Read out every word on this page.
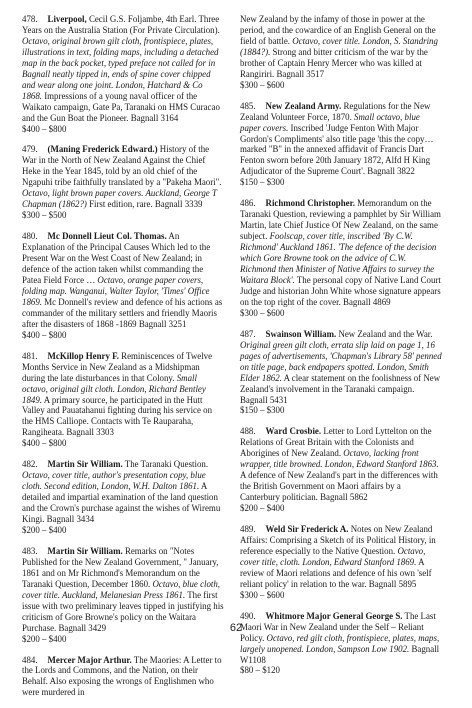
478. Liverpool, Cecil G.S. Foljambe, 4th Earl. Three Years on the Australia Station (For Private Circulation). Octavo, original brown gilt cloth, frontispiece, plates, illustrations in text, folding maps, including a detached map in the back pocket, typed preface not called for in Bagnall neatly tipped in, ends of spine cover chipped and wear along one joint. London, Hatchard & Co 1868. Impressions of a young naval officer of the Waikato campaign, Gate Pa, Taranaki on HMS Curacao and the Gun Boat the Pioneer. Bagnall 3164

$400 – $800

479. (Maning Frederick Edward.) History of the War in the North of New Zealand Against the Chief Heke in the Year 1845, told by an old chief of the Ngapuhi tribe faithfully translated by a "Pakeha Maori". Octavo, light brown paper covers. Auckland, George T Chapman (1862?) First edition, rare. Bagnall 3339

$300 – $500

480. Mc Donnell Lieut Col. Thomas. An Explanation of the Principal Causes Which led to the Present War on the West Coast of New Zealand; in defence of the action taken whilst commanding the Patea Field Force … Octavo, orange paper covers, folding map. Wanganui, Walter Taylor, 'Times' Office 1869. Mc Donnell's review and defence of his actions as commander of the military settlers and friendly Maoris after the disasters of 1868 -1869 Bagnall 3251

$400 – $800

481. McKillop Henry F. Reminiscences of Twelve Months Service in New Zealand as a Midshipman during the late disturbances in that Colony. Small octavo, original gilt cloth. London, Richard Bentley 1849. A primary source, he participated in the Hutt Valley and Pauatahanui fighting during his service on the HMS Calliope. Contacts with Te Rauparaha, Rangiheata. Bagnall 3303

$400 – $800

482. Martin Sir William. The Taranaki Question. Octavo, cover title, author's presentation copy, blue cloth. Second edition, London, W.H. Dalton 1861. A detailed and impartial examination of the land question and the Crown's purchase against the wishes of Wiremu Kingi. Bagnall 3434

$200 – $400

483. Martin Sir William. Remarks on "Notes Published for the New Zealand Government, " January, 1861 and on Mr Richmond's Memorandum on the Taranaki Question, December 1860. Octavo, blue cloth, cover title. Auckland, Melanesian Press 1861. The first issue with two preliminary leaves tipped in justifying his criticism of Gore Browne's policy on the Waitara Purchase. Bagnall 3429

$200 – $400

484. Mercer Major Arthur. The Maories: A Letter to the Lords and Commons, and the Nation, on their Behalf. Also exposing the wrongs of Englishmen who were murdered in

New Zealand by the infamy of those in power at the period, and the cowardice of an English General on the field of battle. Octavo, cover title. London, S. Standring (1884?). Strong and bitter criticism of the war by the brother of Captain Henry Mercer who was killed at Rangiriri. Bagnall 3517

$300 – $600

485. New Zealand Army. Regulations for the New Zealand Volunteer Force, 1870. Small octavo, blue paper covers. Inscribed 'Judge Fenton With Major Gordon's Compliments' also title page 'this the copy… marked "B" in the annexed affidavit of Francis Dart Fenton sworn before 20th January 1872, Alfd H King Adjudicator of the Supreme Court'. Bagnall 3822

$150 – $300

486. Richmond Christopher. Memorandum on the Taranaki Question, reviewing a pamphlet by Sir William Martin, late Chief Justice Of New Zealand, on the same subject. Foolscap, cover title, inscribed 'By C.W. Richmond' Auckland 1861. 'The defence of the decision which Gore Browne took on the advice of C.W. Richmond then Minister of Native Affairs to survey the Waitara Block'. The personal copy of Native Land Court Judge and historian John White whose signature appears on the top right of the cover. Bagnall 4869

$300 – $600

487. Swainson William. New Zealand and the War. Original green gilt cloth, errata slip laid on page 1, 16 pages of advertisements, 'Chapman's Library 58' penned on title page, back endpapers spotted. London, Smith Elder 1862. A clear statement on the foolishness of New Zealand's involvement in the Taranaki campaign. Bagnall 5431

$150 – $300

488. Ward Crosbie. Letter to Lord Lyttelton on the Relations of Great Britain with the Colonists and Aborigines of New Zealand. Octavo, lacking front wrapper, title browned. London, Edward Stanford 1863. A defence of New Zealand's part in the differences with the British Government on Maori affairs by a Canterbury politician. Bagnall 5862

$200 – $400

489. Weld Sir Frederick A. Notes on New Zealand Affairs: Comprising a Sketch of its Political History, in reference especially to the Native Question. Octavo, cover title, cloth. London, Edward Stanford 1869. A review of Maori relations and defence of his own 'self reliant policy' in relation to the war. Bagnall 5895

$300 – $600

490. Whitmore Major General George S. The Last Maori War in New Zealand under the Self – Reliant Policy. Octavo, red gilt cloth, frontispiece, plates, maps, largely unopened. London, Sampson Low 1902. Bagnall W1108

$80 – $120
62
